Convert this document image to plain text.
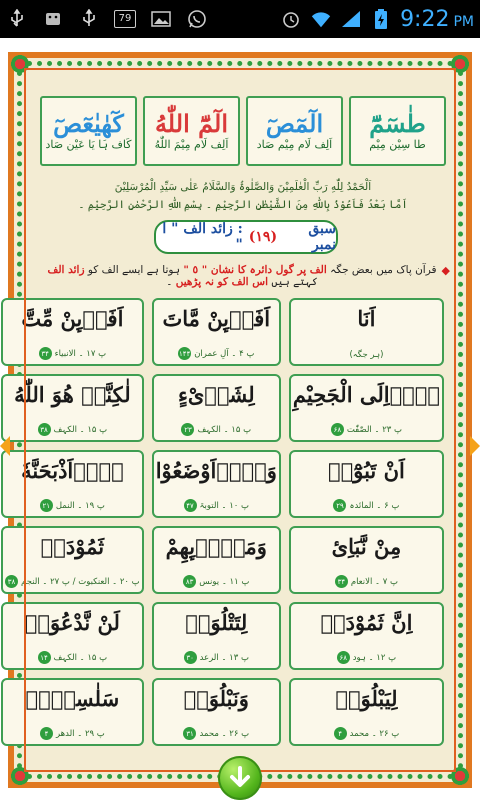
79	9:22 PM
كٓهٰيٰعٓصٓ
کَاف ہَا یَا عَیْن صَاد
الٓمّٓ اللّٰهُ
اَلِف لَام مِیْمَ اللّٰهُ
الٓمٓصٓ
اَلِف لَام مِیْم صَاد
طٰسٓمّٓ
طا سِیْن مِیْم
اَلْحَمْدُ لِلّٰهِ رَبِّ الْعٰلَمِیْنَ وَالصَّلٰوۃُ وَالسَّلَامُ عَلٰی سَیِّدِ الْمُرْسَلِیْنَ
اَمَّا بَعْدُ فَاَعُوْذُ بِاللّٰهِ مِنَ الشَّیْطٰنِ الرَّجِیْمِ ۔ بِسْمِ اللّٰهِ الرَّحْمٰنِ الرَّحِیْمِ ۔
سبق نمبر
(۱۹)
: زائد الف " ا "
قرآن پاک میں بعض جگہ الف پر گول دائرہ کا نشان " ٥ " ہوتا ہے ایسے الف کو زائد الف کہتے ہیں اس الف کو نہ پڑھیں ۔
◆
اَنَا
(ہر جگہ)
اَفَاۡىِٕنْ مَّاتَ
پ ۴ ۔ آلِ عمران
۱۴۴
اَفَاۡىِٕنْ مِّتَّ
پ ۱۷ ۔ الانبیاء
۳۴
لَاۡاِلَى الْجَحِيْمِ
پ ۲۳ ۔ الصّٰفّٰت
۶۸
لِشَاۡىْءٍ
پ ۱۵ ۔ الکہف
۲۳
لٰكِنَّاۡ هُوَ اللّٰهُ
پ ۱۵ ۔ الکہف
۳۸
اَنْ تَبُوْٓاۡ
پ ۶ ۔ المائدہ
۲۹
وَلَاۡاَوْضَعُوْا
پ ۱۰ ۔ التوبۃ
۴۷
لَاۡاَذْبَحَنَّهٗ
پ ۱۹ ۔ النمل
۲۱
مِنْ نَّبَاِئ
پ ۷ ۔ الانعام
۳۴
وَمَلَاۡىِٕهِمْ
پ ۱۱ ۔ یونس
۸۳
ثَمُوْدَاۡ
پ ۲۰ ۔ العنکبوت / پ ۲۷ ۔ النجم
۳۸
اِنَّ ثَمُوْدَاۡ
پ ۱۲ ۔ ہود
۶۸
لِتَتْلُوَاۡ
پ ۱۳ ۔ الرعد
۳۰
لَنْ نَّدْعُوَاۡ
پ ۱۵ ۔ الکہف
۱۴
لِيَبْلُوَاۡ
پ ۲۶ ۔ محمد
۴
وَنَبْلُوَاۡ
پ ۲۶ ۔ محمد
۳۱
سَلٰسِلَاۡ
پ ۲۹ ۔ الدھر
۴
